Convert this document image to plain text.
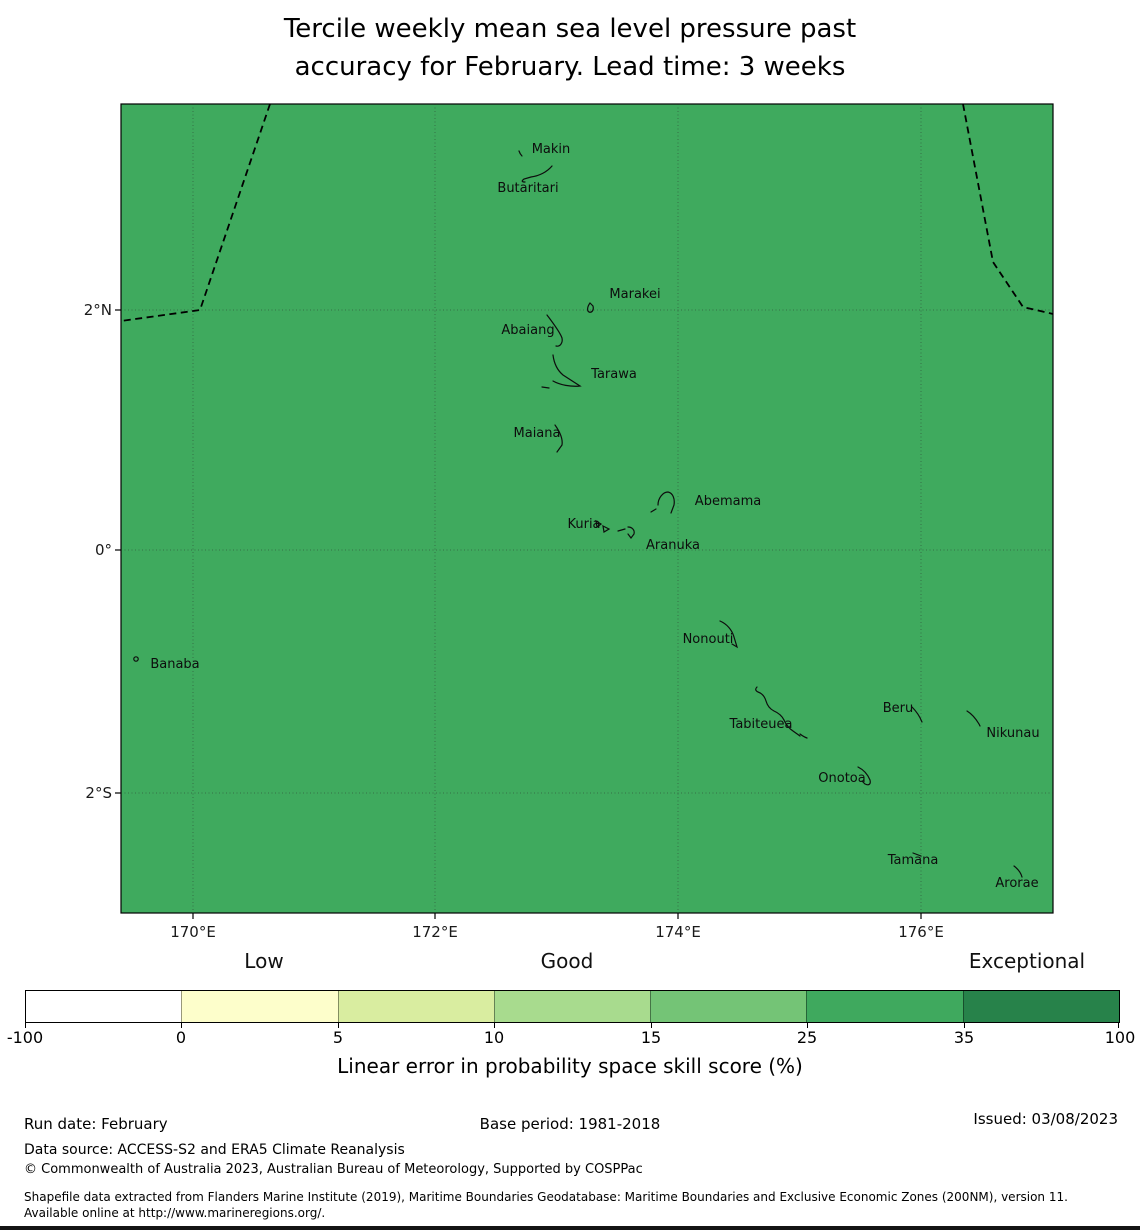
Tercile weekly mean sea level pressure past
accuracy for February. Lead time: 3 weeks
Makin
Butaritari
Marakei
Abaiang
Tarawa
Maiana
Abemama
Kuria
Aranuka
Nonouti
Banaba
Tabiteuea
Beru
Nikunau
Onotoa
Tamana
Arorae
2°N
0°
2°S
170°E	172°E	174°E	176°E
Low	Good	Exceptional
-100	0	5	10	15	25	35	100
Linear error in probability space skill score (%)
Run date: February	Base period: 1981-2018	Issued: 03/08/2023
Data source: ACCESS-S2 and ERA5 Climate Reanalysis
© Commonwealth of Australia 2023, Australian Bureau of Meteorology, Supported by COSPPac
Shapefile data extracted from Flanders Marine Institute (2019), Maritime Boundaries Geodatabase: Maritime Boundaries and Exclusive Economic Zones (200NM), version 11. Available online at http://www.marineregions.org/.
